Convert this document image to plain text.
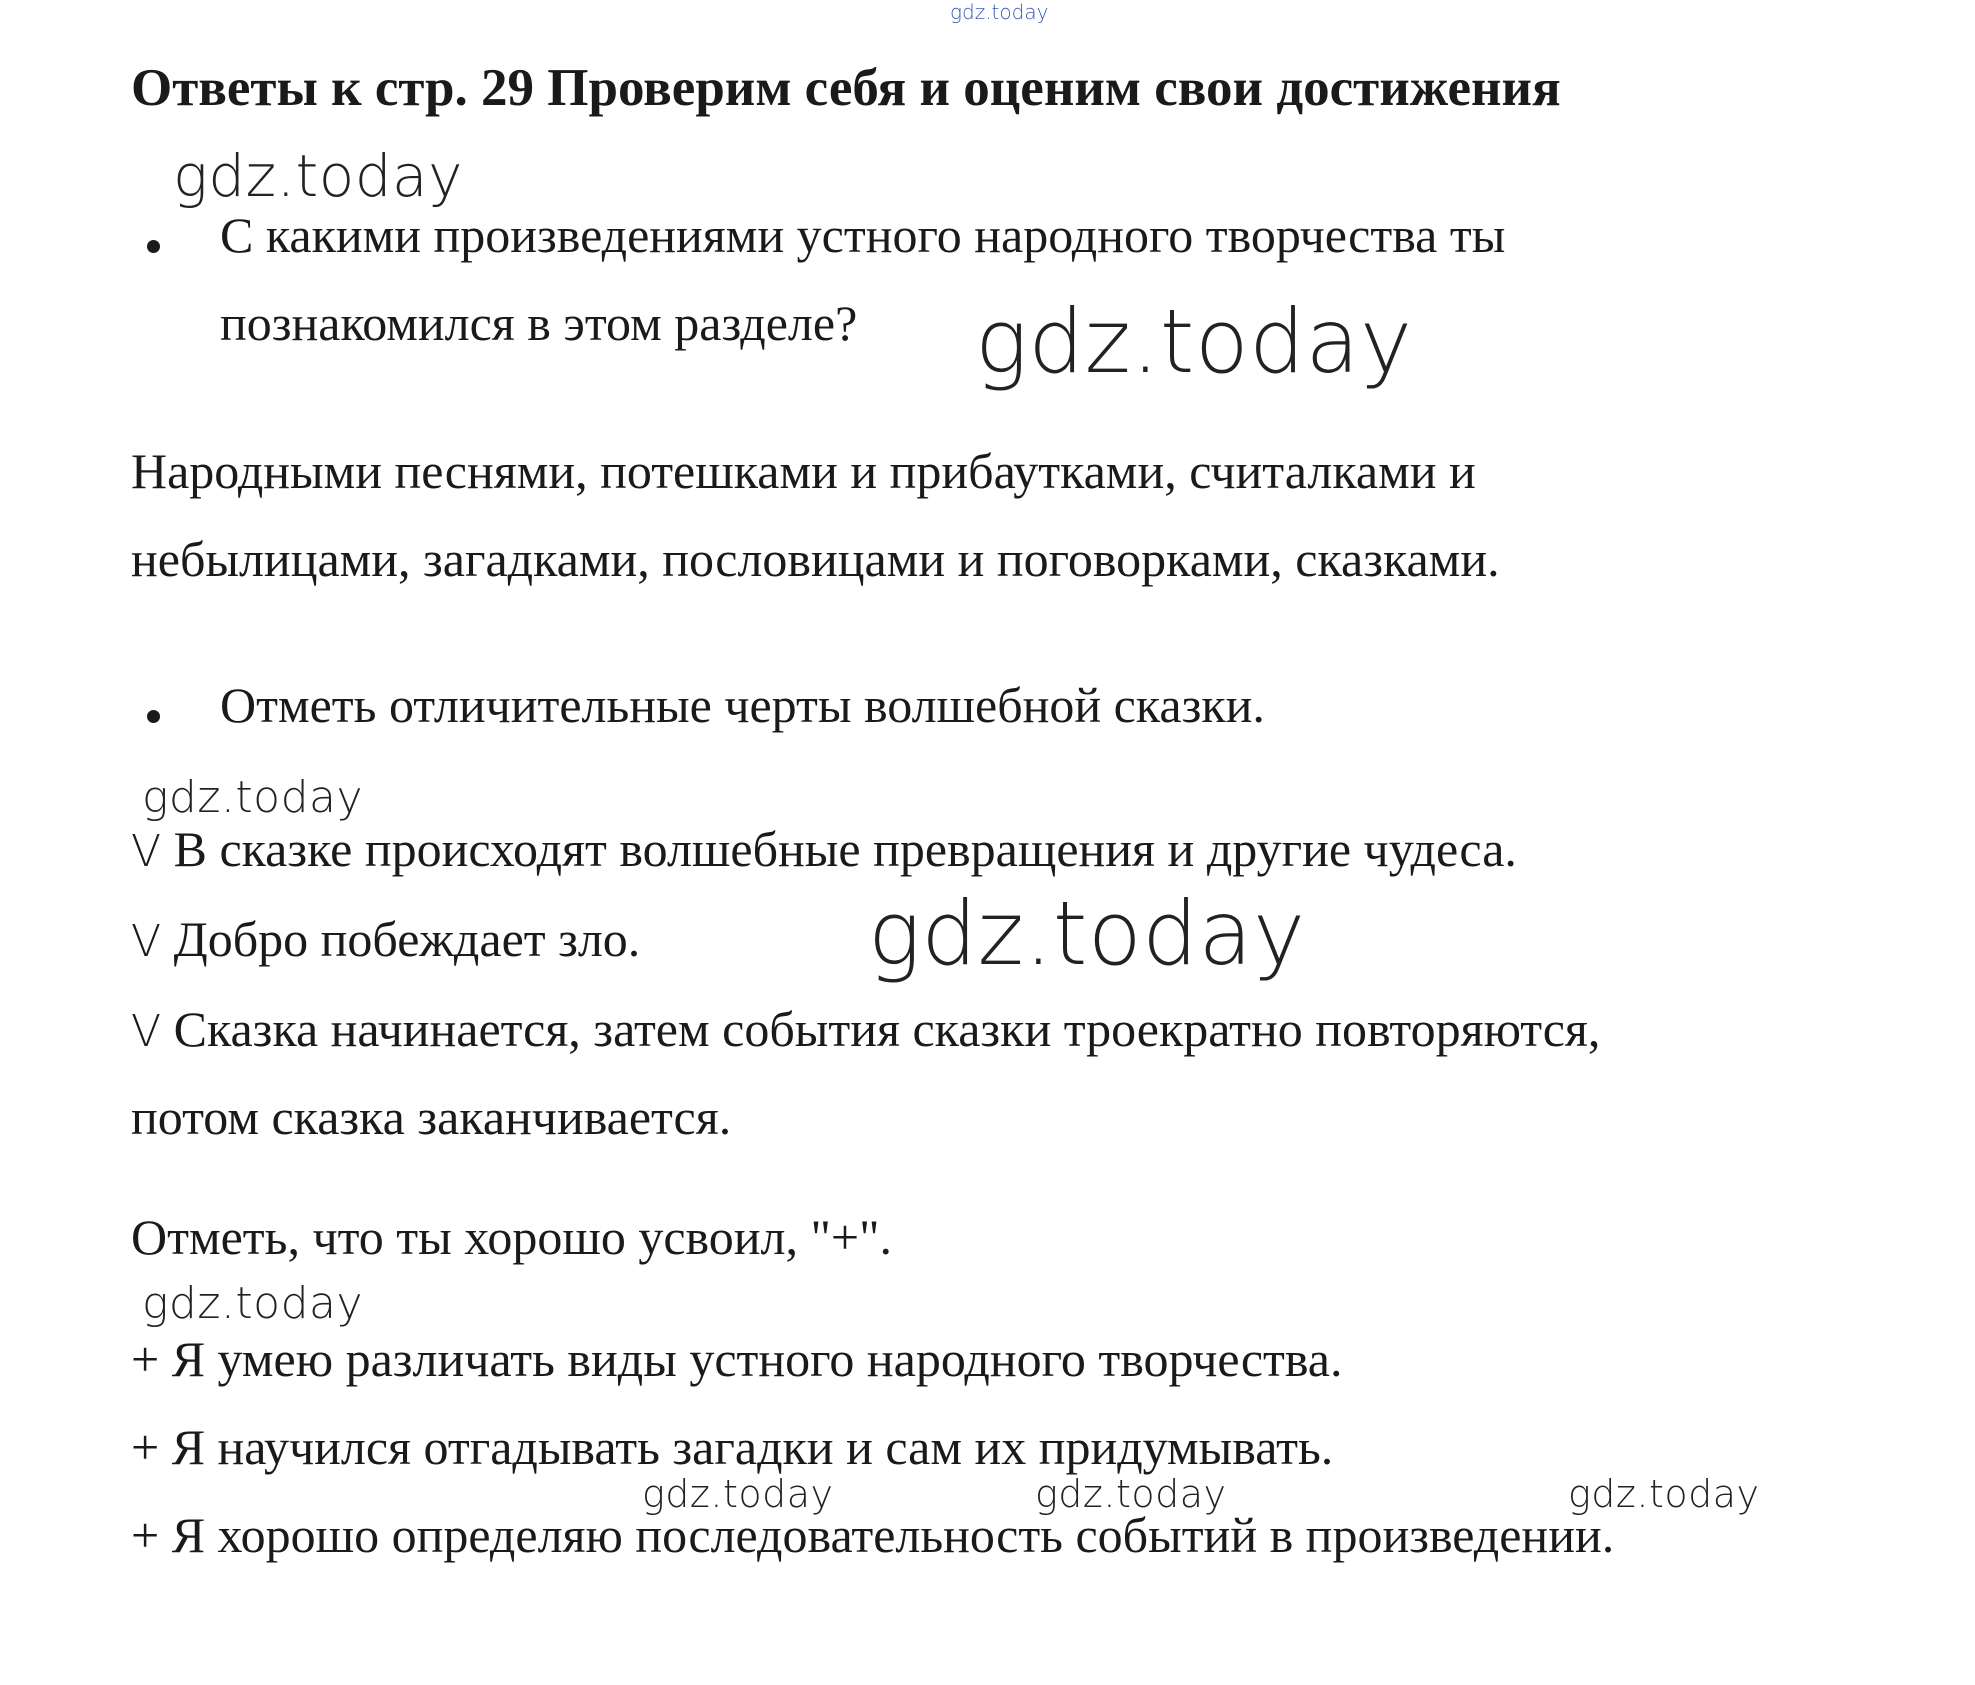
gdz.today
gdz.today
gdz.today
gdz.today
gdz.today
gdz.today
gdz.today	gdz.today	gdz.today
Ответы к стр. 29 Проверим себя и оценим свои достижения
С какими произведениями устного народного творчества ты
познакомился в этом разделе?
Народными песнями, потешками и прибаутками, считалками и
небылицами, загадками, пословицами и поговорками, сказками.
Отметь отличительные черты волшебной сказки.
V В сказке происходят волшебные превращения и другие чудеса.
V Добро побеждает зло.
V Сказка начинается, затем события сказки троекратно повторяются,
потом сказка заканчивается.
Отметь, что ты хорошо усвоил, "+".
+ Я умею различать виды устного народного творчества.
+ Я научился отгадывать загадки и сам их придумывать.
+ Я хорошо определяю последовательность событий в произведении.
